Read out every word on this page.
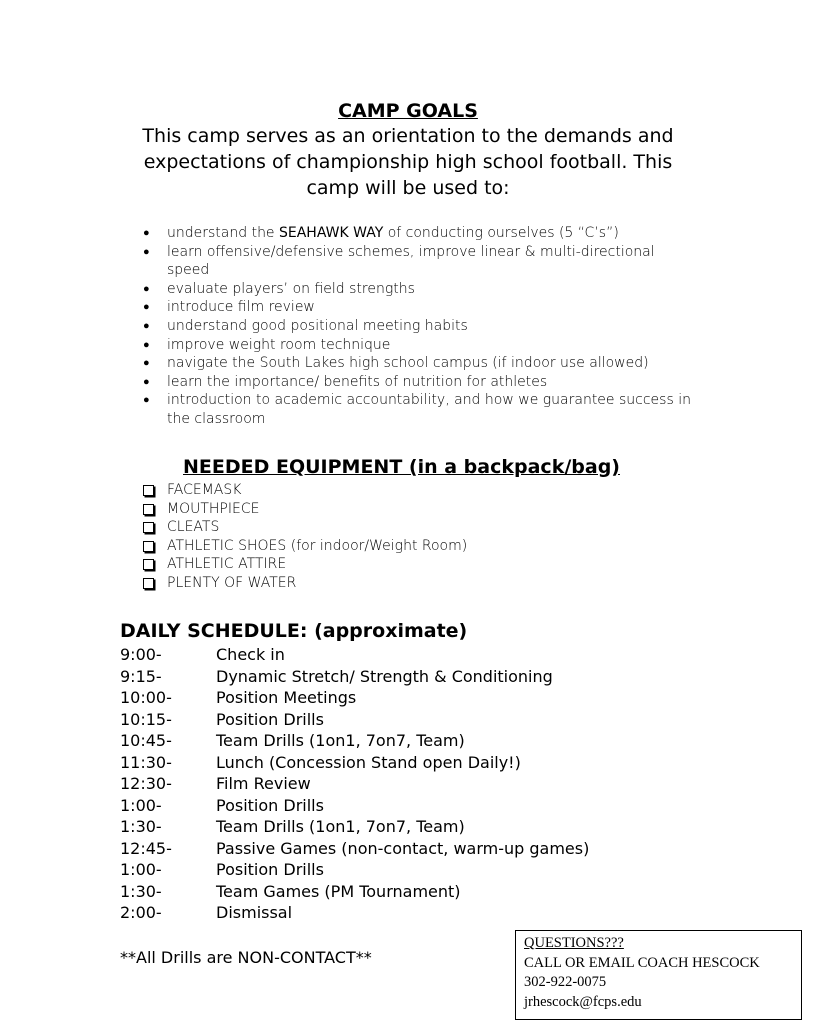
CAMP GOALS
This camp serves as an orientation to the demands and expectations of championship high school football. This camp will be used to:
● understand the SEAHAWK WAY of conducting ourselves (5 “C’s”)
● learn offensive/defensive schemes, improve linear & multi-directional speed
● evaluate players’ on field strengths
● introduce film review
● understand good positional meeting habits
● improve weight room technique
● navigate the South Lakes high school campus (if indoor use allowed)
● learn the importance/ benefits of nutrition for athletes
● introduction to academic accountability, and how we guarantee success in the classroom
NEEDED EQUIPMENT (in a backpack/bag)
FACEMASK
MOUTHPIECE
CLEATS
ATHLETIC SHOES (for indoor/Weight Room)
ATHLETIC ATTIRE
PLENTY OF WATER
DAILY SCHEDULE: (approximate)
9:00-	Check in
9:15-	Dynamic Stretch/ Strength & Conditioning
10:00-	Position Meetings
10:15-	Position Drills
10:45-	Team Drills (1on1, 7on7, Team)
11:30-	Lunch (Concession Stand open Daily!)
12:30-	Film Review
1:00-	Position Drills
1:30-	Team Drills (1on1, 7on7, Team)
12:45-	Passive Games (non-contact, warm-up games)
1:00-	Position Drills
1:30-	Team Games (PM Tournament)
2:00-	Dismissal
**All Drills are NON-CONTACT**
QUESTIONS???
CALL OR EMAIL COACH HESCOCK
302-922-0075
jrhescock@fcps.edu
